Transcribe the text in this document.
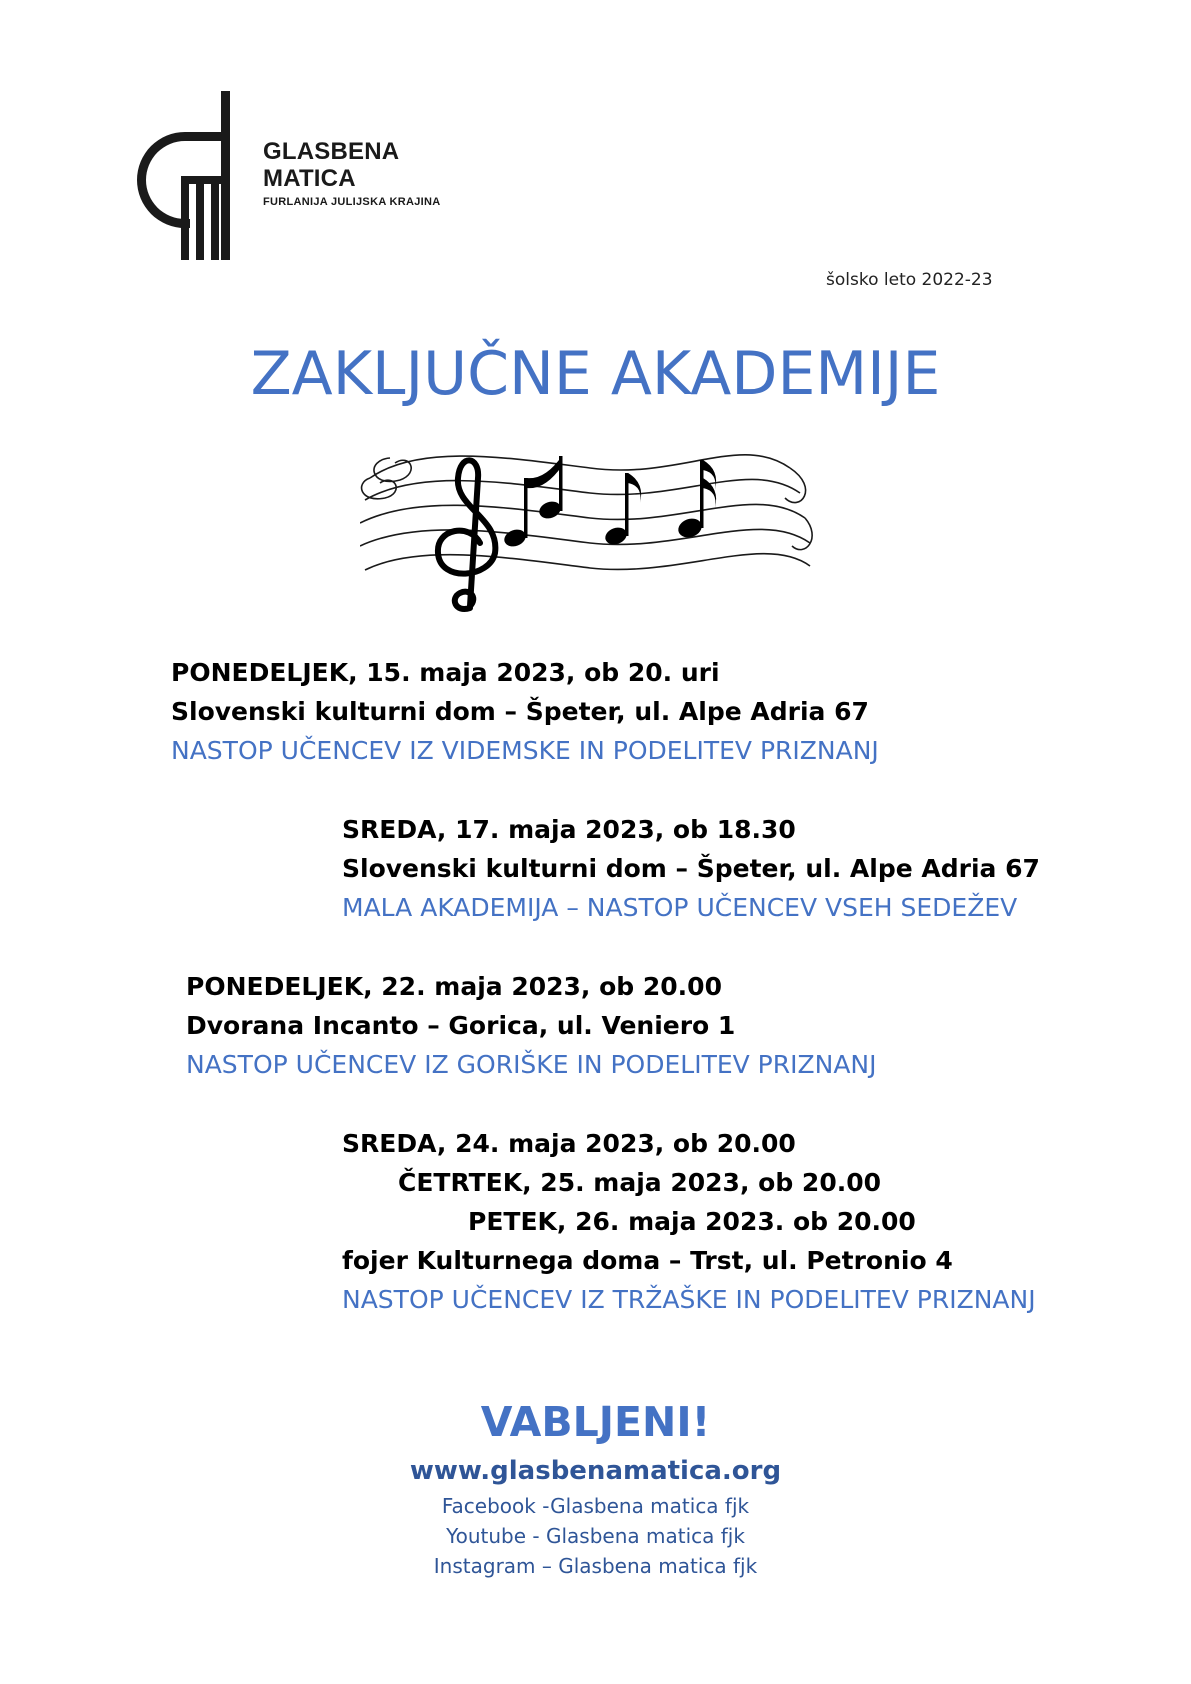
GLASBENA
MATICA
FURLANIJA JULIJSKA KRAJINA
šolsko leto 2022-23
ZAKLJUČNE AKADEMIJE
PONEDELJEK, 15. maja 2023, ob 20. uri
Slovenski kulturni dom – Špeter, ul. Alpe Adria 67
NASTOP UČENCEV IZ VIDEMSKE IN PODELITEV PRIZNANJ
SREDA, 17. maja 2023, ob 18.30
Slovenski kulturni dom – Špeter, ul. Alpe Adria 67
MALA AKADEMIJA – NASTOP UČENCEV VSEH SEDEŽEV
PONEDELJEK, 22. maja 2023, ob 20.00
Dvorana Incanto – Gorica, ul. Veniero 1
NASTOP UČENCEV IZ GORIŠKE IN PODELITEV PRIZNANJ
SREDA, 24. maja 2023, ob 20.00
ČETRTEK, 25. maja 2023, ob 20.00
PETEK, 26. maja 2023. ob 20.00
fojer Kulturnega doma – Trst, ul. Petronio 4
NASTOP UČENCEV IZ TRŽAŠKE IN PODELITEV PRIZNANJ
VABLJENI!
www.glasbenamatica.org
Facebook -Glasbena matica fjk
Youtube - Glasbena matica fjk
Instagram – Glasbena matica fjk
